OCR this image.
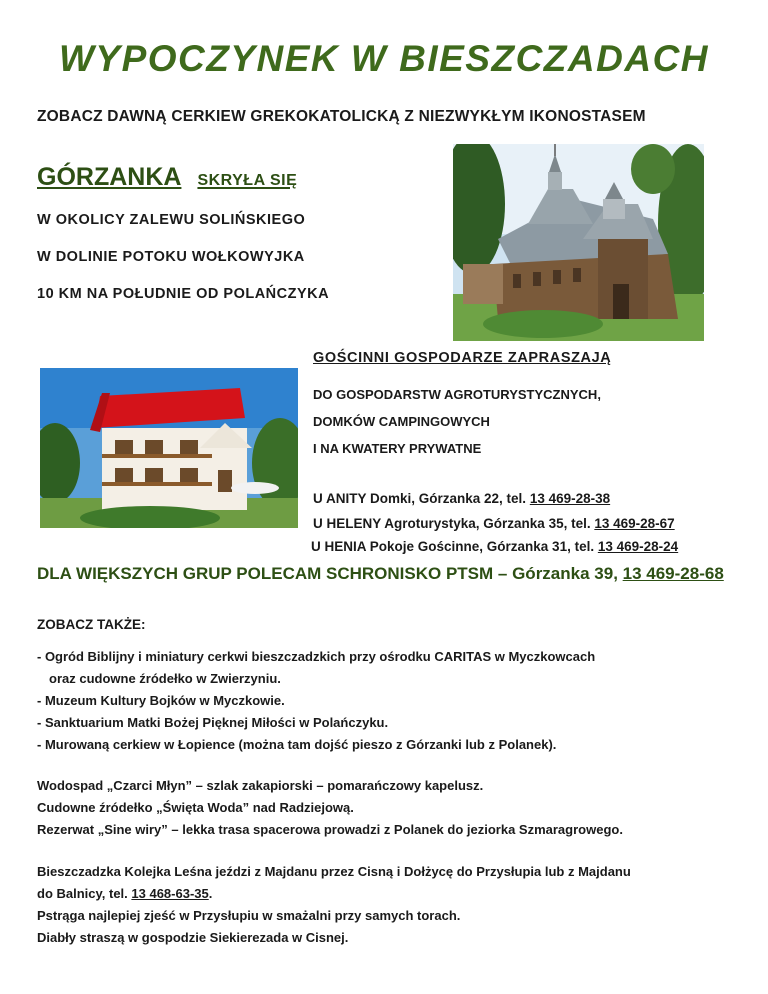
WYPOCZYNEK W BIESZCZADACH
ZOBACZ DAWNĄ CERKIEW GREKOKATOLICKĄ Z NIEZWYKŁYM IKONOSTASEM
GÓRZANKA SKRYŁA SIĘ
W OKOLICY ZALEWU SOLIŃSKIEGO
W DOLINIE POTOKU WOŁKOWYJKA
10 KM NA POŁUDNIE OD POLAŃCZYKA
GOŚCINNI GOSPODARZE ZAPRASZAJĄ
DO GOSPODARSTW AGROTURYSTYCZNYCH,
DOMKÓW CAMPINGOWYCH
I NA KWATERY PRYWATNE
U ANITY Domki, Górzanka 22, tel. 13 469-28-38
U HELENY Agroturystyka, Górzanka 35, tel. 13 469-28-67
U HENIA Pokoje Gościnne, Górzanka 31, tel. 13 469-28-24
DLA WIĘKSZYCH GRUP POLECAM SCHRONISKO PTSM – Górzanka 39, 13 469-28-68
ZOBACZ TAKŻE:
- Ogród Biblijny i miniatury cerkwi bieszczadzkich przy ośrodku CARITAS w Myczkowcach
oraz cudowne źródełko w Zwierzyniu.
- Muzeum Kultury Bojków w Myczkowie.
- Sanktuarium Matki Bożej Pięknej Miłości w Polańczyku.
- Murowaną cerkiew w Łopience (można tam dojść pieszo z Górzanki lub z Polanek).
Wodospad „Czarci Młyn” – szlak zakapiorski – pomarańczowy kapelusz.
Cudowne źródełko „Święta Woda” nad Radziejową.
Rezerwat „Sine wiry” – lekka trasa spacerowa prowadzi z Polanek do jeziorka Szmaragrowego.
Bieszczadzka Kolejka Leśna jeździ z Majdanu przez Cisną i Dołżycę do Przysłupia lub z Majdanu
do Balnicy, tel. 13 468-63-35.
Pstrąga najlepiej zjeść w Przysłupiu w smażalni przy samych torach.
Diabły straszą w gospodzie Siekierezada w Cisnej.
